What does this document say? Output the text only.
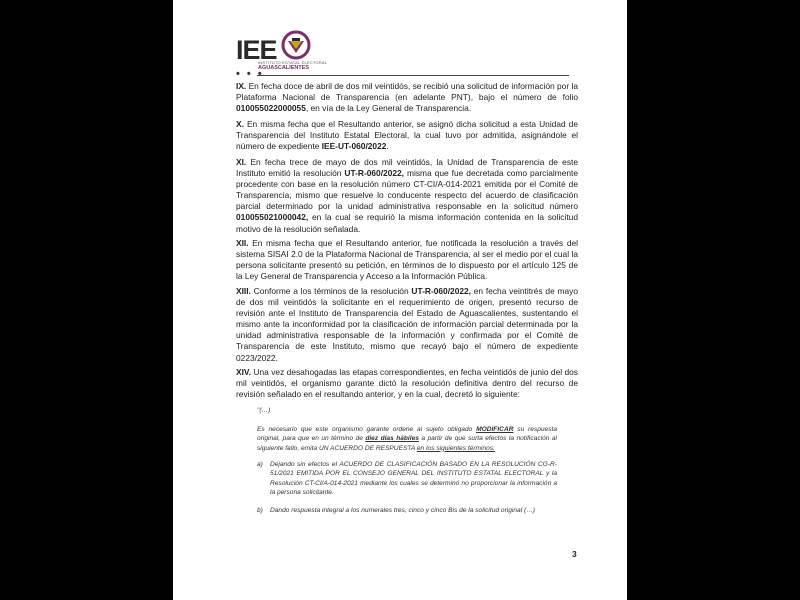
IEE
INSTITUTO ESTATAL ELECTORAL
AGUASCALIENTES
• • •

IX. En fecha doce de abril de dos mil veintidós, se recibió una solicitud de información por la Plataforma Nacional de Transparencia (en adelante PNT), bajo el número de folio 010055022000055, en vía de la Ley General de Transparencia.

X. En misma fecha que el Resultando anterior, se asignó dicha solicitud a esta Unidad de Transparencia del Instituto Estatal Electoral, la cual tuvo por admitida, asignándole el número de expediente IEE-UT-060/2022.

XI. En fecha trece de mayo de dos mil veintidós, la Unidad de Transparencia de este Instituto emitió la resolución UT-R-060/2022, misma que fue decretada como parcialmente procedente con base en la resolución número CT-CI/A-014-2021 emitida por el Comité de Transparencia, mismo que resuelve lo conducente respecto del acuerdo de clasificación parcial determinado por la unidad administrativa responsable en la solicitud número 010055021000042, en la cual se requirió la misma información contenida en la solicitud motivo de la resolución señalada.

XII. En misma fecha que el Resultando anterior, fue notificada la resolución a través del sistema SISAI 2.0 de la Plataforma Nacional de Transparencia, al ser el medio por el cual la persona solicitante presentó su petición, en términos de lo dispuesto por el artículo 125 de la Ley General de Transparencia y Acceso a la Información Pública.

XIII. Conforme a los términos de la resolución UT-R-060/2022, en fecha veintitrés de mayo de dos mil veintidós la solicitante en el requerimiento de origen, presentó recurso de revisión ante el Instituto de Transparencia del Estado de Aguascalientes, sustentando el mismo ante la inconformidad por la clasificación de información parcial determinada por la unidad administrativa responsable de la información y confirmada por el Comité de Transparencia de este Instituto, mismo que recayó bajo el número de expediente 0223/2022.

XIV. Una vez desahogadas las etapas correspondientes, en fecha veintidós de junio del dos mil veintidós, el organismo garante dictó la resolución definitiva dentro del recurso de revisión señalado en el resultando anterior, y en la cual, decretó lo siguiente:

"(…)

Es necesario que este organismo garante ordene al sujeto obligado MODIFICAR su respuesta original, para que en un término de diez días hábiles a partir de que surta efectos la notificación al siguiente fallo, emita UN ACUERDO DE RESPUESTA en los siguientes términos:

a) Dejando sin efectos el ACUERDO DE CLASIFICACIÓN BASADO EN LA RESOLUCIÓN CG-R-51/2021 EMITIDA POR EL CONSEJO GENERAL DEL INSTITUTO ESTATAL ELECTORAL y la Resolución CT-CI/A-014-2021 mediante los cuales se determinó no proporcionar la información a la persona solicitante.
b) Dando respuesta integral a los numerales tres, cinco y cinco Bis de la solicitud original (…)
3
